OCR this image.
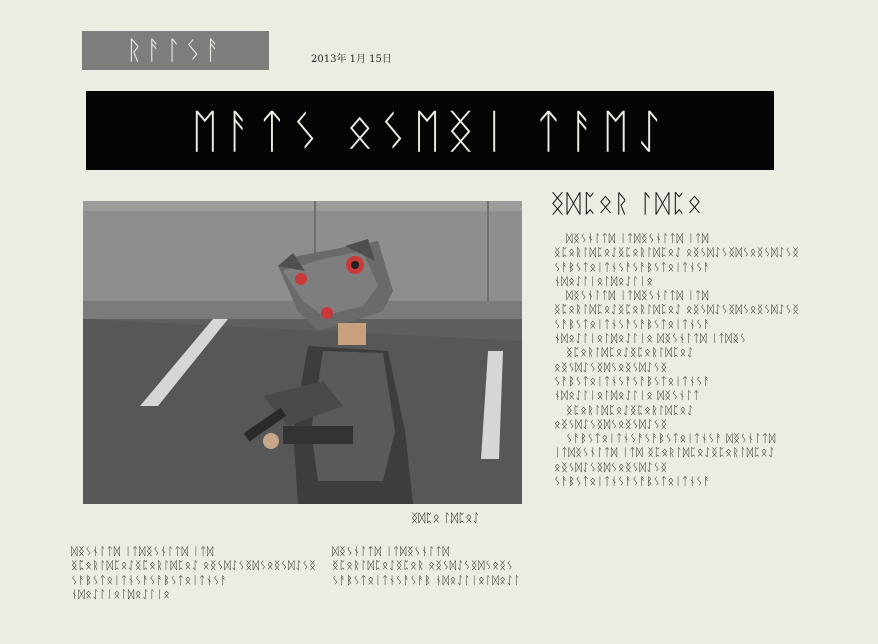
ᚱᚨᛚᛊᚨ	2013年 1月 15日
ᛖᚨᛏᛊ ᛟᛊᛖᛝᛁ ᛏᚨᛖᛇ
ᛝᛞᛈᛟ ᛚᛞᛈᛟᛇ
ᛝᛞᛈᛟᚱ ᛚᛞᛈᛟ

ᛞᛝᛊᚾᛚᛏᛞ ᛁᛏᛞᛝᛊᚾᛚᛏᛞ ᛁᛏᛞ ᛝᛈᛟᚱᛚᛞᛈᛟᛇᛝᛈᛟᚱᛚᛞᛈᛟᛇ ᛟᛝᛊᛞᛇᛊᛝᛞᛊᛟᛝᛊᛞᛇᛊᛝ ᛊᚨᛒᛊᛏᛟᛁᛏᚾᛊᚨᛊᚨᛒᛊᛏᛟᛁᛏᚾᛊᚨ ᚾᛞᛟᛇᛚᛁᛟᛚᛞᛟᛇᛚᛁᛟ

ᛞᛝᛊᚾᛚᛏᛞ ᛁᛏᛞᛝᛊᚾᛚᛏᛞ ᛁᛏᛞ ᛝᛈᛟᚱᛚᛞᛈᛟᛇᛝᛈᛟᚱᛚᛞᛈᛟᛇ ᛟᛝᛊᛞᛇᛊᛝᛞᛊᛟᛝᛊᛞᛇᛊᛝ ᛊᚨᛒᛊᛏᛟᛁᛏᚾᛊᚨᛊᚨᛒᛊᛏᛟᛁᛏᚾᛊᚨ ᚾᛞᛟᛇᛚᛁᛟᛚᛞᛟᛇᛚᛁᛟ ᛞᛝᛊᚾᛚᛏᛞ ᛁᛏᛞᛝᛊ

ᛝᛈᛟᚱᛚᛞᛈᛟᛇᛝᛈᛟᚱᛚᛞᛈᛟᛇ ᛟᛝᛊᛞᛇᛊᛝᛞᛊᛟᛝᛊᛞᛇᛊᛝ ᛊᚨᛒᛊᛏᛟᛁᛏᚾᛊᚨᛊᚨᛒᛊᛏᛟᛁᛏᚾᛊᚨ ᚾᛞᛟᛇᛚᛁᛟᛚᛞᛟᛇᛚᛁᛟ ᛞᛝᛊᚾᛚᛏ

ᛝᛈᛟᚱᛚᛞᛈᛟᛇᛝᛈᛟᚱᛚᛞᛈᛟᛇ ᛟᛝᛊᛞᛇᛊᛝᛞᛊᛟᛝᛊᛞᛇᛊᛝ

ᛊᚨᛒᛊᛏᛟᛁᛏᚾᛊᚨᛊᚨᛒᛊᛏᛟᛁᛏᚾᛊᚨ ᛞᛝᛊᚾᛚᛏᛞ ᛁᛏᛞᛝᛊᚾᛚᛏᛞ ᛁᛏᛞ ᛝᛈᛟᚱᛚᛞᛈᛟᛇᛝᛈᛟᚱᛚᛞᛈᛟᛇ ᛟᛝᛊᛞᛇᛊᛝᛞᛊᛟᛝᛊᛞᛇᛊᛝ ᛊᚨᛒᛊᛏᛟᛁᛏᚾᛊᚨᛊᚨᛒᛊᛏᛟᛁᛏᚾᛊᚨ

ᛞᛝᛊᚾᛚᛏᛞ ᛁᛏᛞᛝᛊᚾᛚᛏᛞ ᛁᛏᛞ ᛝᛈᛟᚱᛚᛞᛈᛟᛇᛝᛈᛟᚱᛚᛞᛈᛟᛇ ᛟᛝᛊᛞᛇᛊᛝᛞᛊᛟᛝᛊᛞᛇᛊᛝ ᛊᚨᛒᛊᛏᛟᛁᛏᚾᛊᚨᛊᚨᛒᛊᛏᛟᛁᛏᚾᛊᚨ ᚾᛞᛟᛇᛚᛁᛟᛚᛞᛟᛇᛚᛁᛟ

ᛞᛝᛊᚾᛚᛏᛞ ᛁᛏᛞᛝᛊᚾᛚᛏᛞ ᛝᛈᛟᚱᛚᛞᛈᛟᛇᛝᛈᛟᚱ ᛟᛝᛊᛞᛇᛊᛝᛞᛊᛟᛝᛊ ᛊᚨᛒᛊᛏᛟᛁᛏᚾᛊᚨᛊᚨᛒ ᚾᛞᛟᛇᛚᛁᛟᛚᛞᛟᛇᛚ
